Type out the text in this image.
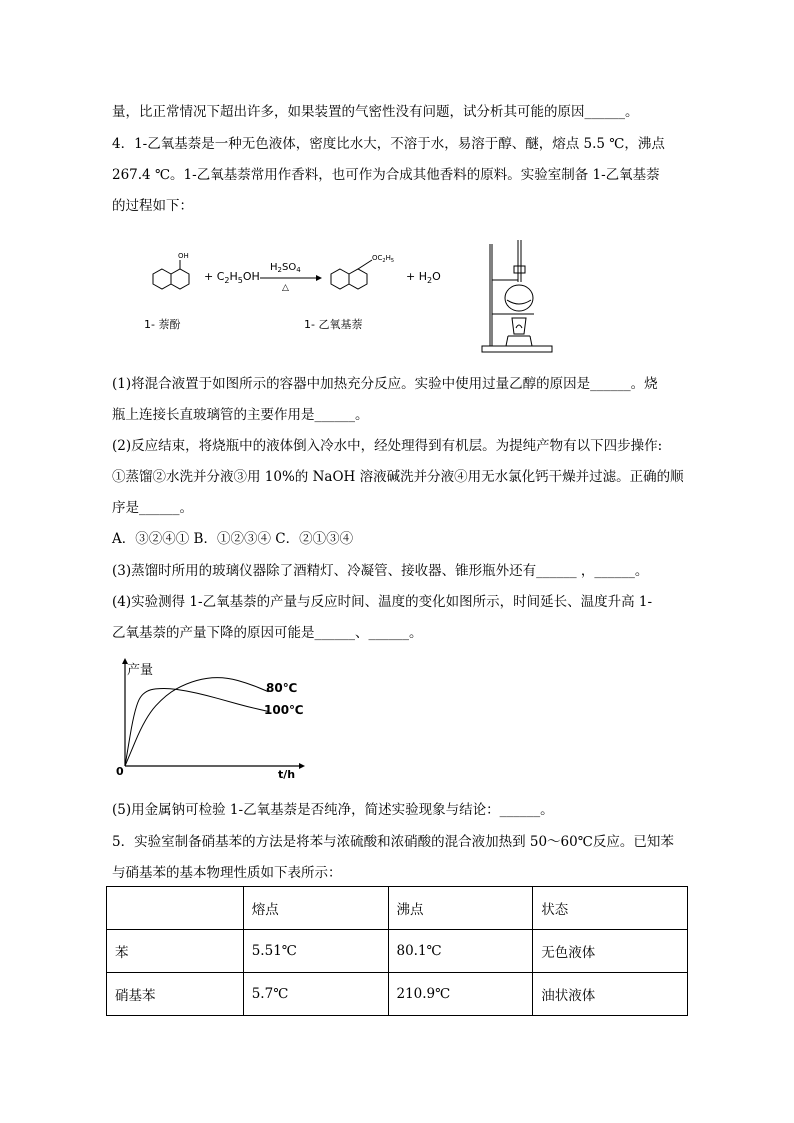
量，比正常情况下超出许多，如果装置的气密性没有问题，试分析其可能的原因______。
4．1-乙氧基萘是一种无色液体，密度比水大，不溶于水，易溶于醇、醚，熔点 5.5 ℃，沸点
267.4 ℃。1-乙氧基萘常用作香料，也可作为合成其他香料的原料。实验室制备 1-乙氧基萘
的过程如下：
OH
+ $C_2H_5OH$
$H_2SO_4$
△
$OC_2H_5$
+ $H_2O$
1- 萘酚	1- 乙氧基萘
(1)将混合液置于如图所示的容器中加热充分反应。实验中使用过量乙醇的原因是______。烧
瓶上连接长直玻璃管的主要作用是______。
(2)反应结束，将烧瓶中的液体倒入冷水中，经处理得到有机层。为提纯产物有以下四步操作:
①蒸馏②水洗并分液③用 10%的 NaOH 溶液碱洗并分液④用无水氯化钙干燥并过滤。正确的顺
序是______。
A．③②④① B．①②③④ C．②①③④
(3)蒸馏时所用的玻璃仪器除了酒精灯、冷凝管、接收器、锥形瓶外还有______ ，______。
(4)实验测得 1-乙氧基萘的产量与反应时间、温度的变化如图所示，时间延长、温度升高 1-
乙氧基萘的产量下降的原因可能是______、______。
产量
t/h
0
80℃
100℃
(5)用金属钠可检验 1-乙氧基萘是否纯净，简述实验现象与结论：______。
5．实验室制备硝基苯的方法是将苯与浓硫酸和浓硝酸的混合液加热到 50～60℃反应。已知苯
与硝基苯的基本物理性质如下表所示：
	熔点	沸点	状态
苯	5.51℃	80.1℃	无色液体
硝基苯	5.7℃	210.9℃	油状液体
